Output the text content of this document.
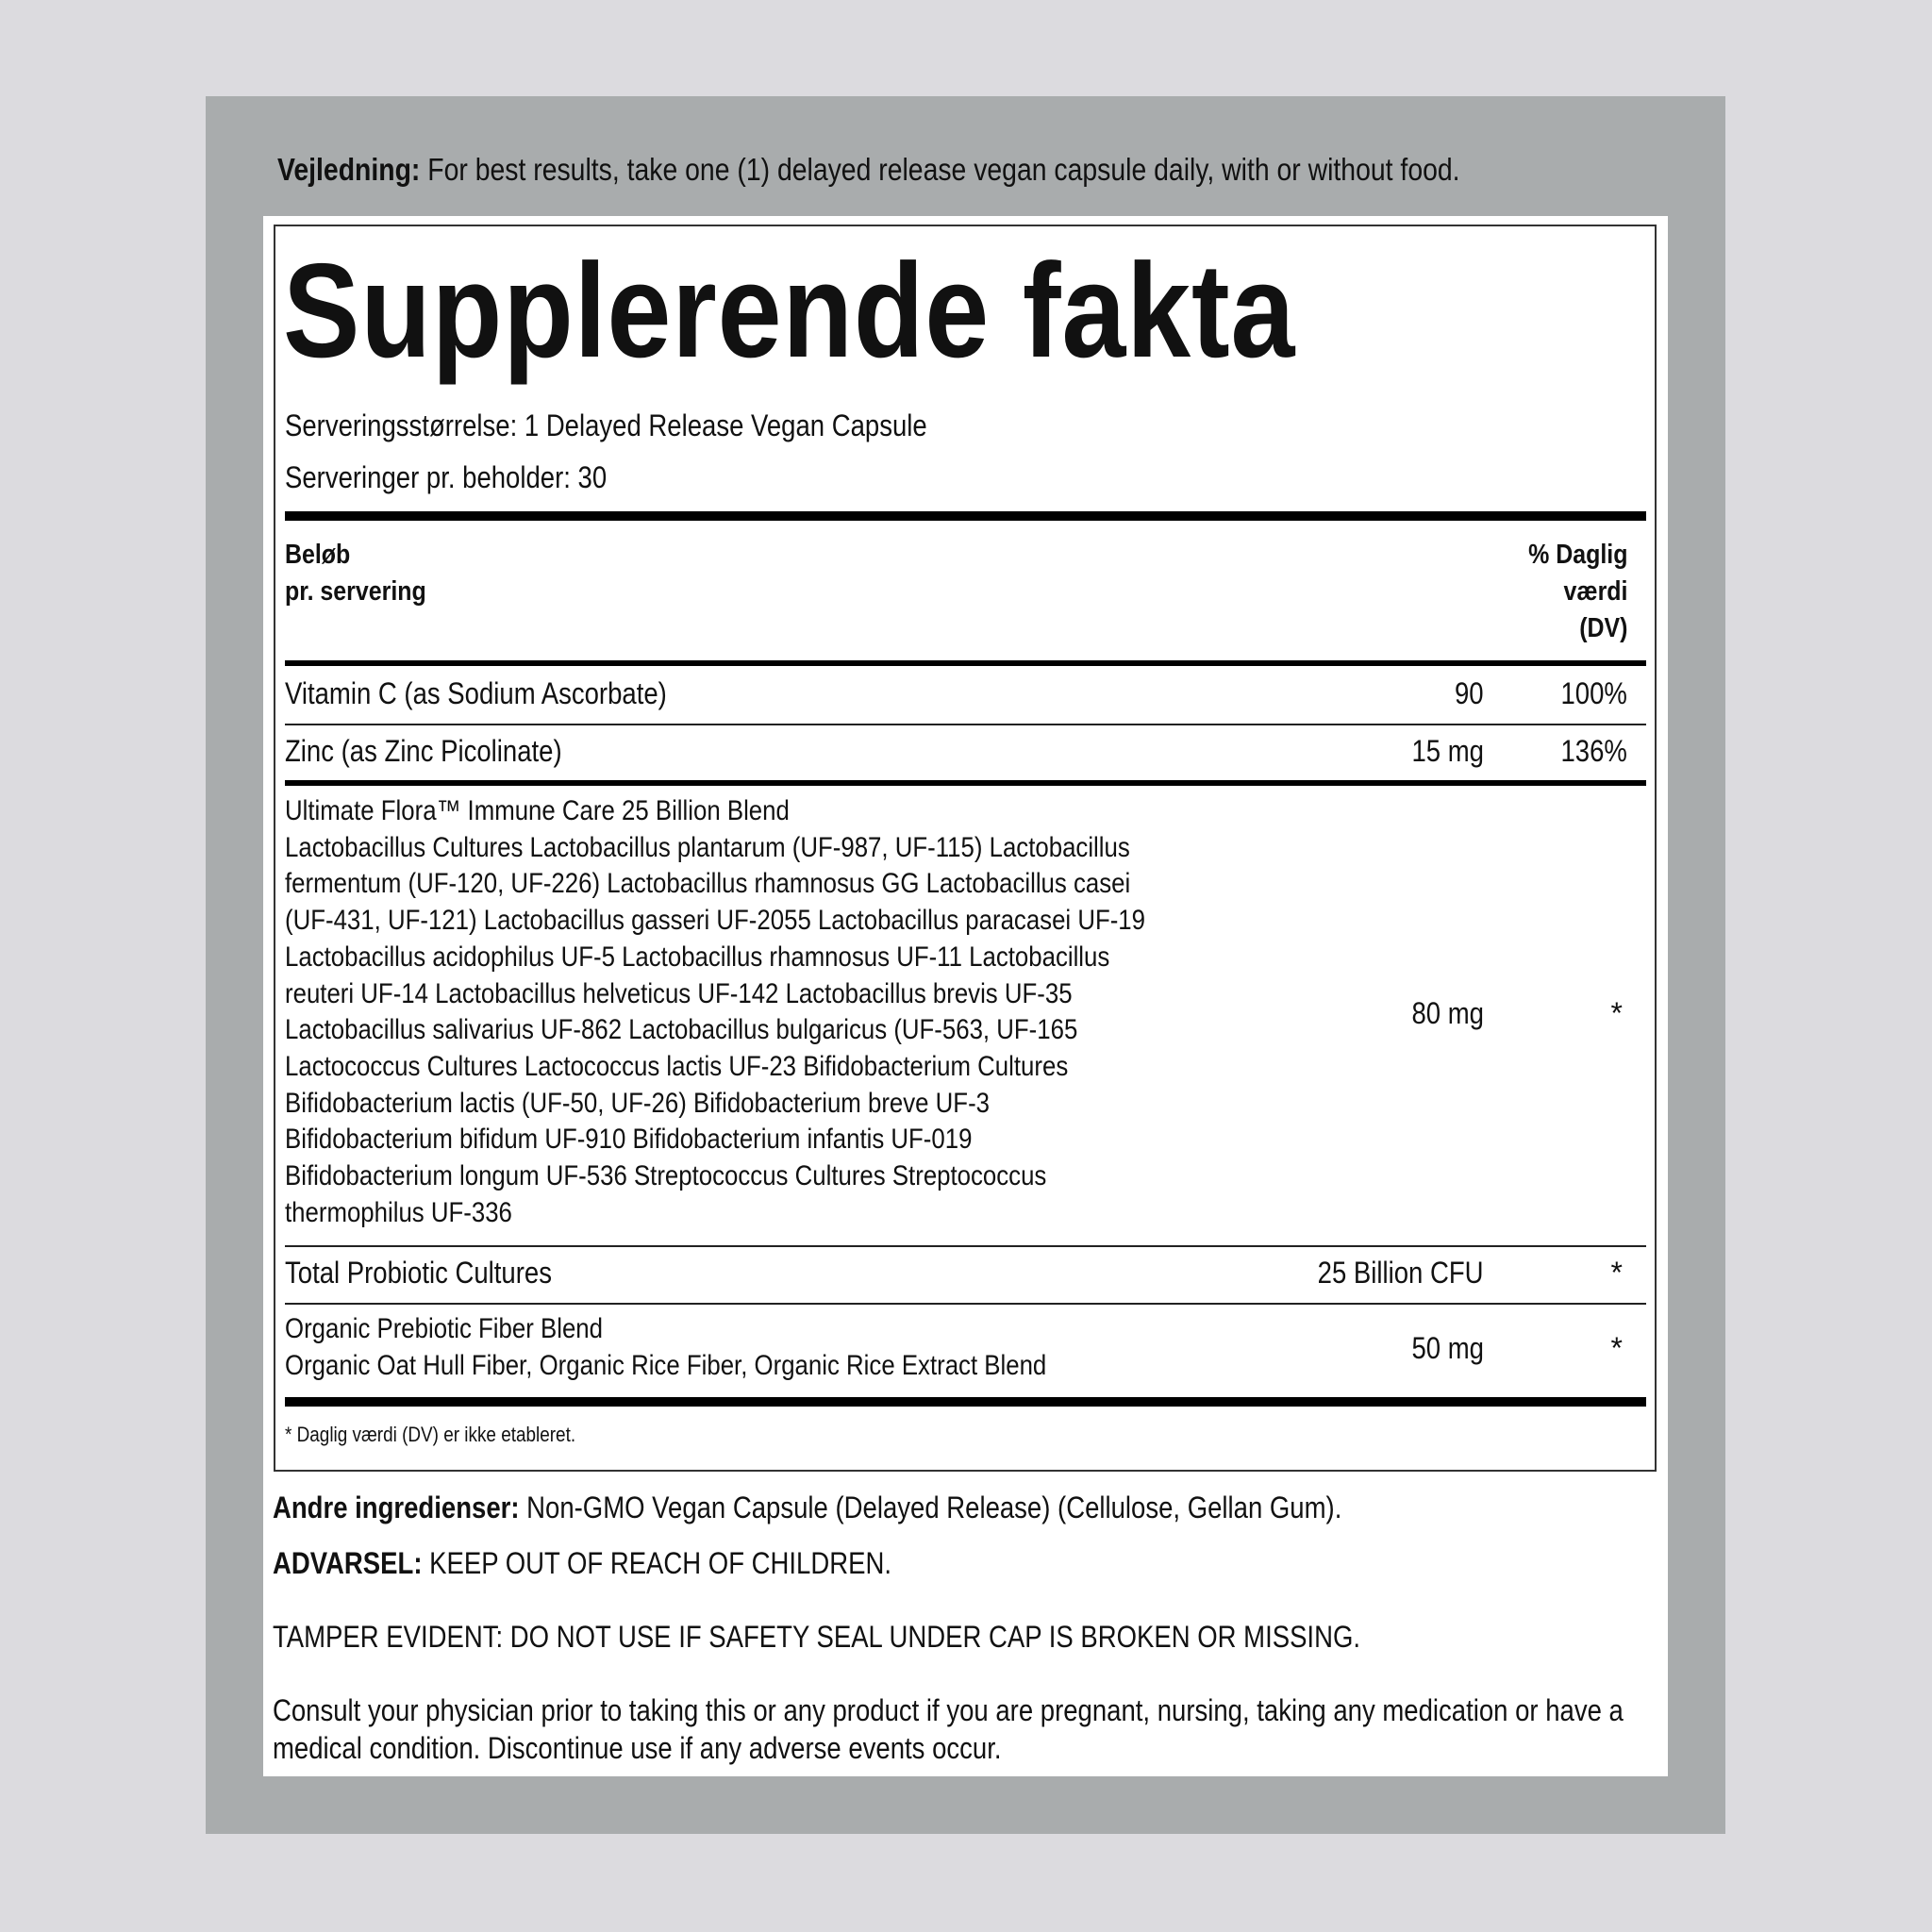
Vejledning: For best results, take one (1) delayed release vegan capsule daily, with or without food.
Supplerende fakta
Serveringsstørrelse: 1 Delayed Release Vegan Capsule
Serveringer pr. beholder: 30
Beløb
pr. servering
% Daglig
værdi
(DV)
Vitamin C (as Sodium Ascorbate)	90	100%
Zinc (as Zinc Picolinate)	15 mg	136%
Ultimate Flora™ Immune Care 25 Billion Blend
Lactobacillus Cultures Lactobacillus plantarum (UF-987, UF-115) Lactobacillus
fermentum (UF-120, UF-226) Lactobacillus rhamnosus GG Lactobacillus casei
(UF-431, UF-121) Lactobacillus gasseri UF-2055 Lactobacillus paracasei UF-19
Lactobacillus acidophilus UF-5 Lactobacillus rhamnosus UF-11 Lactobacillus
reuteri UF-14 Lactobacillus helveticus UF-142 Lactobacillus brevis UF-35
Lactobacillus salivarius UF-862 Lactobacillus bulgaricus (UF-563, UF-165
Lactococcus Cultures Lactococcus lactis UF-23 Bifidobacterium Cultures
Bifidobacterium lactis (UF-50, UF-26) Bifidobacterium breve UF-3
Bifidobacterium bifidum UF-910 Bifidobacterium infantis UF-019
Bifidobacterium longum UF-536 Streptococcus Cultures Streptococcus
thermophilus UF-336
80 mg	*
Total Probiotic Cultures	25 Billion CFU	*
Organic Prebiotic Fiber Blend
Organic Oat Hull Fiber, Organic Rice Fiber, Organic Rice Extract Blend
50 mg	*
* Daglig værdi (DV) er ikke etableret.
Andre ingredienser: Non-GMO Vegan Capsule (Delayed Release) (Cellulose, Gellan Gum).
ADVARSEL: KEEP OUT OF REACH OF CHILDREN.
TAMPER EVIDENT: DO NOT USE IF SAFETY SEAL UNDER CAP IS BROKEN OR MISSING.
Consult your physician prior to taking this or any product if you are pregnant, nursing, taking any medication or have a
medical condition. Discontinue use if any adverse events occur.
